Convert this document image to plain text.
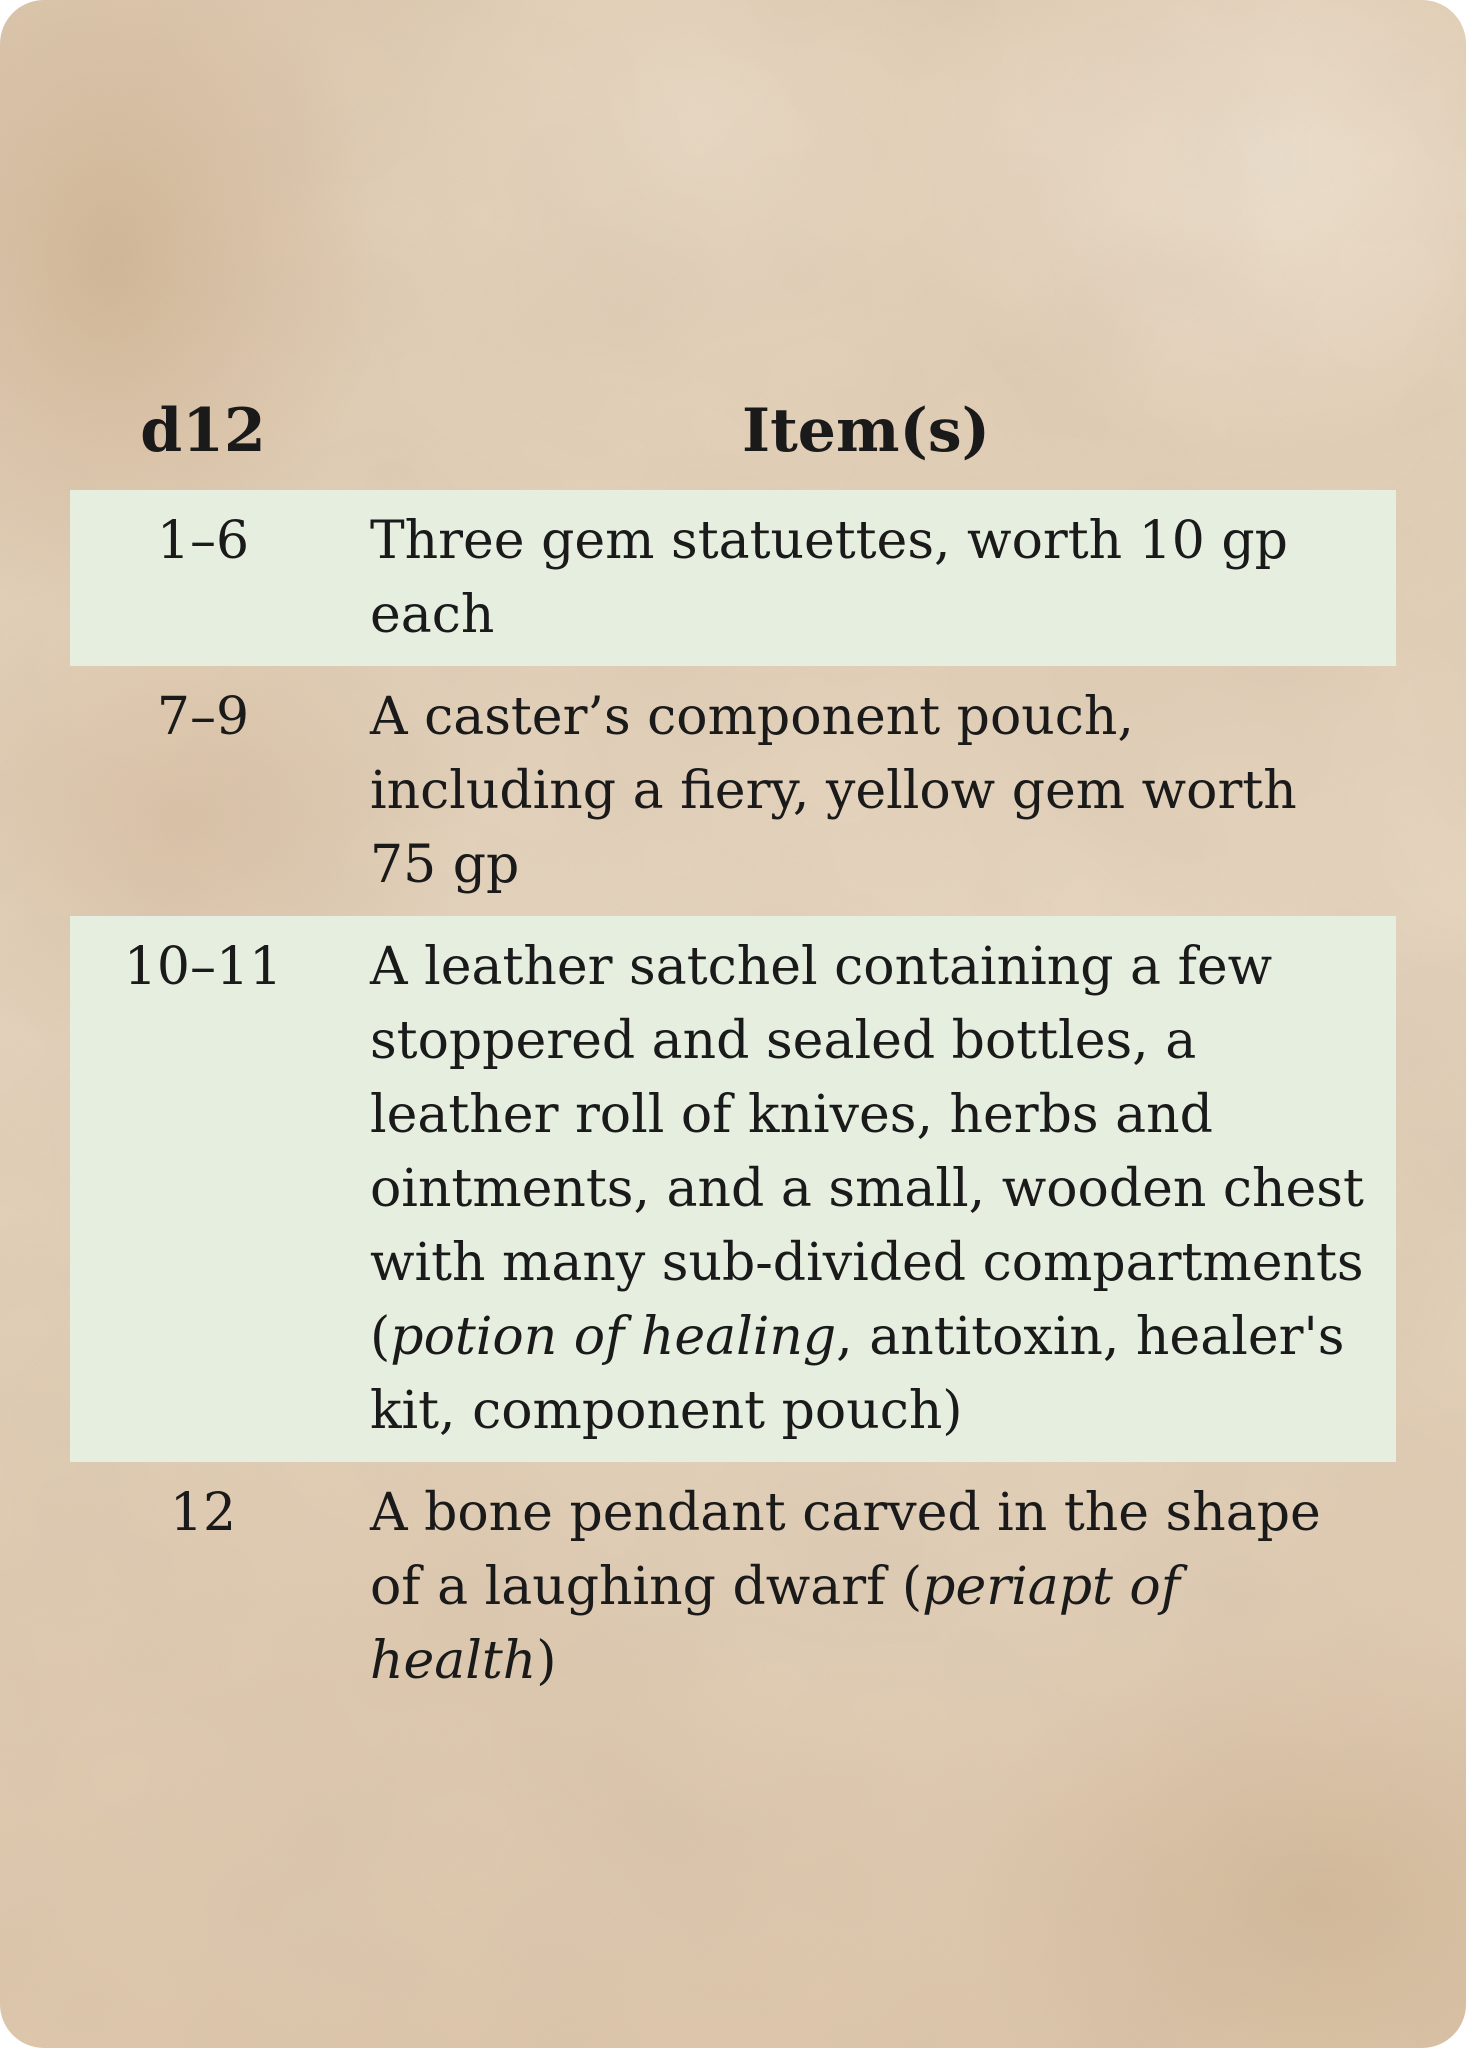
d12	Item(s)
1–6	Three gem statuettes, worth 10 gp each
7–9	A caster’s component pouch, including a fiery, yellow gem worth 75 gp
10–11	A leather satchel containing a few stoppered and sealed bottles, a leather roll of knives, herbs and ointments, and a small, wooden chest with many sub-divided compartments (potion of healing, antitoxin, healer's kit, component pouch)
12	A bone pendant carved in the shape of a laughing dwarf (periapt of health)
